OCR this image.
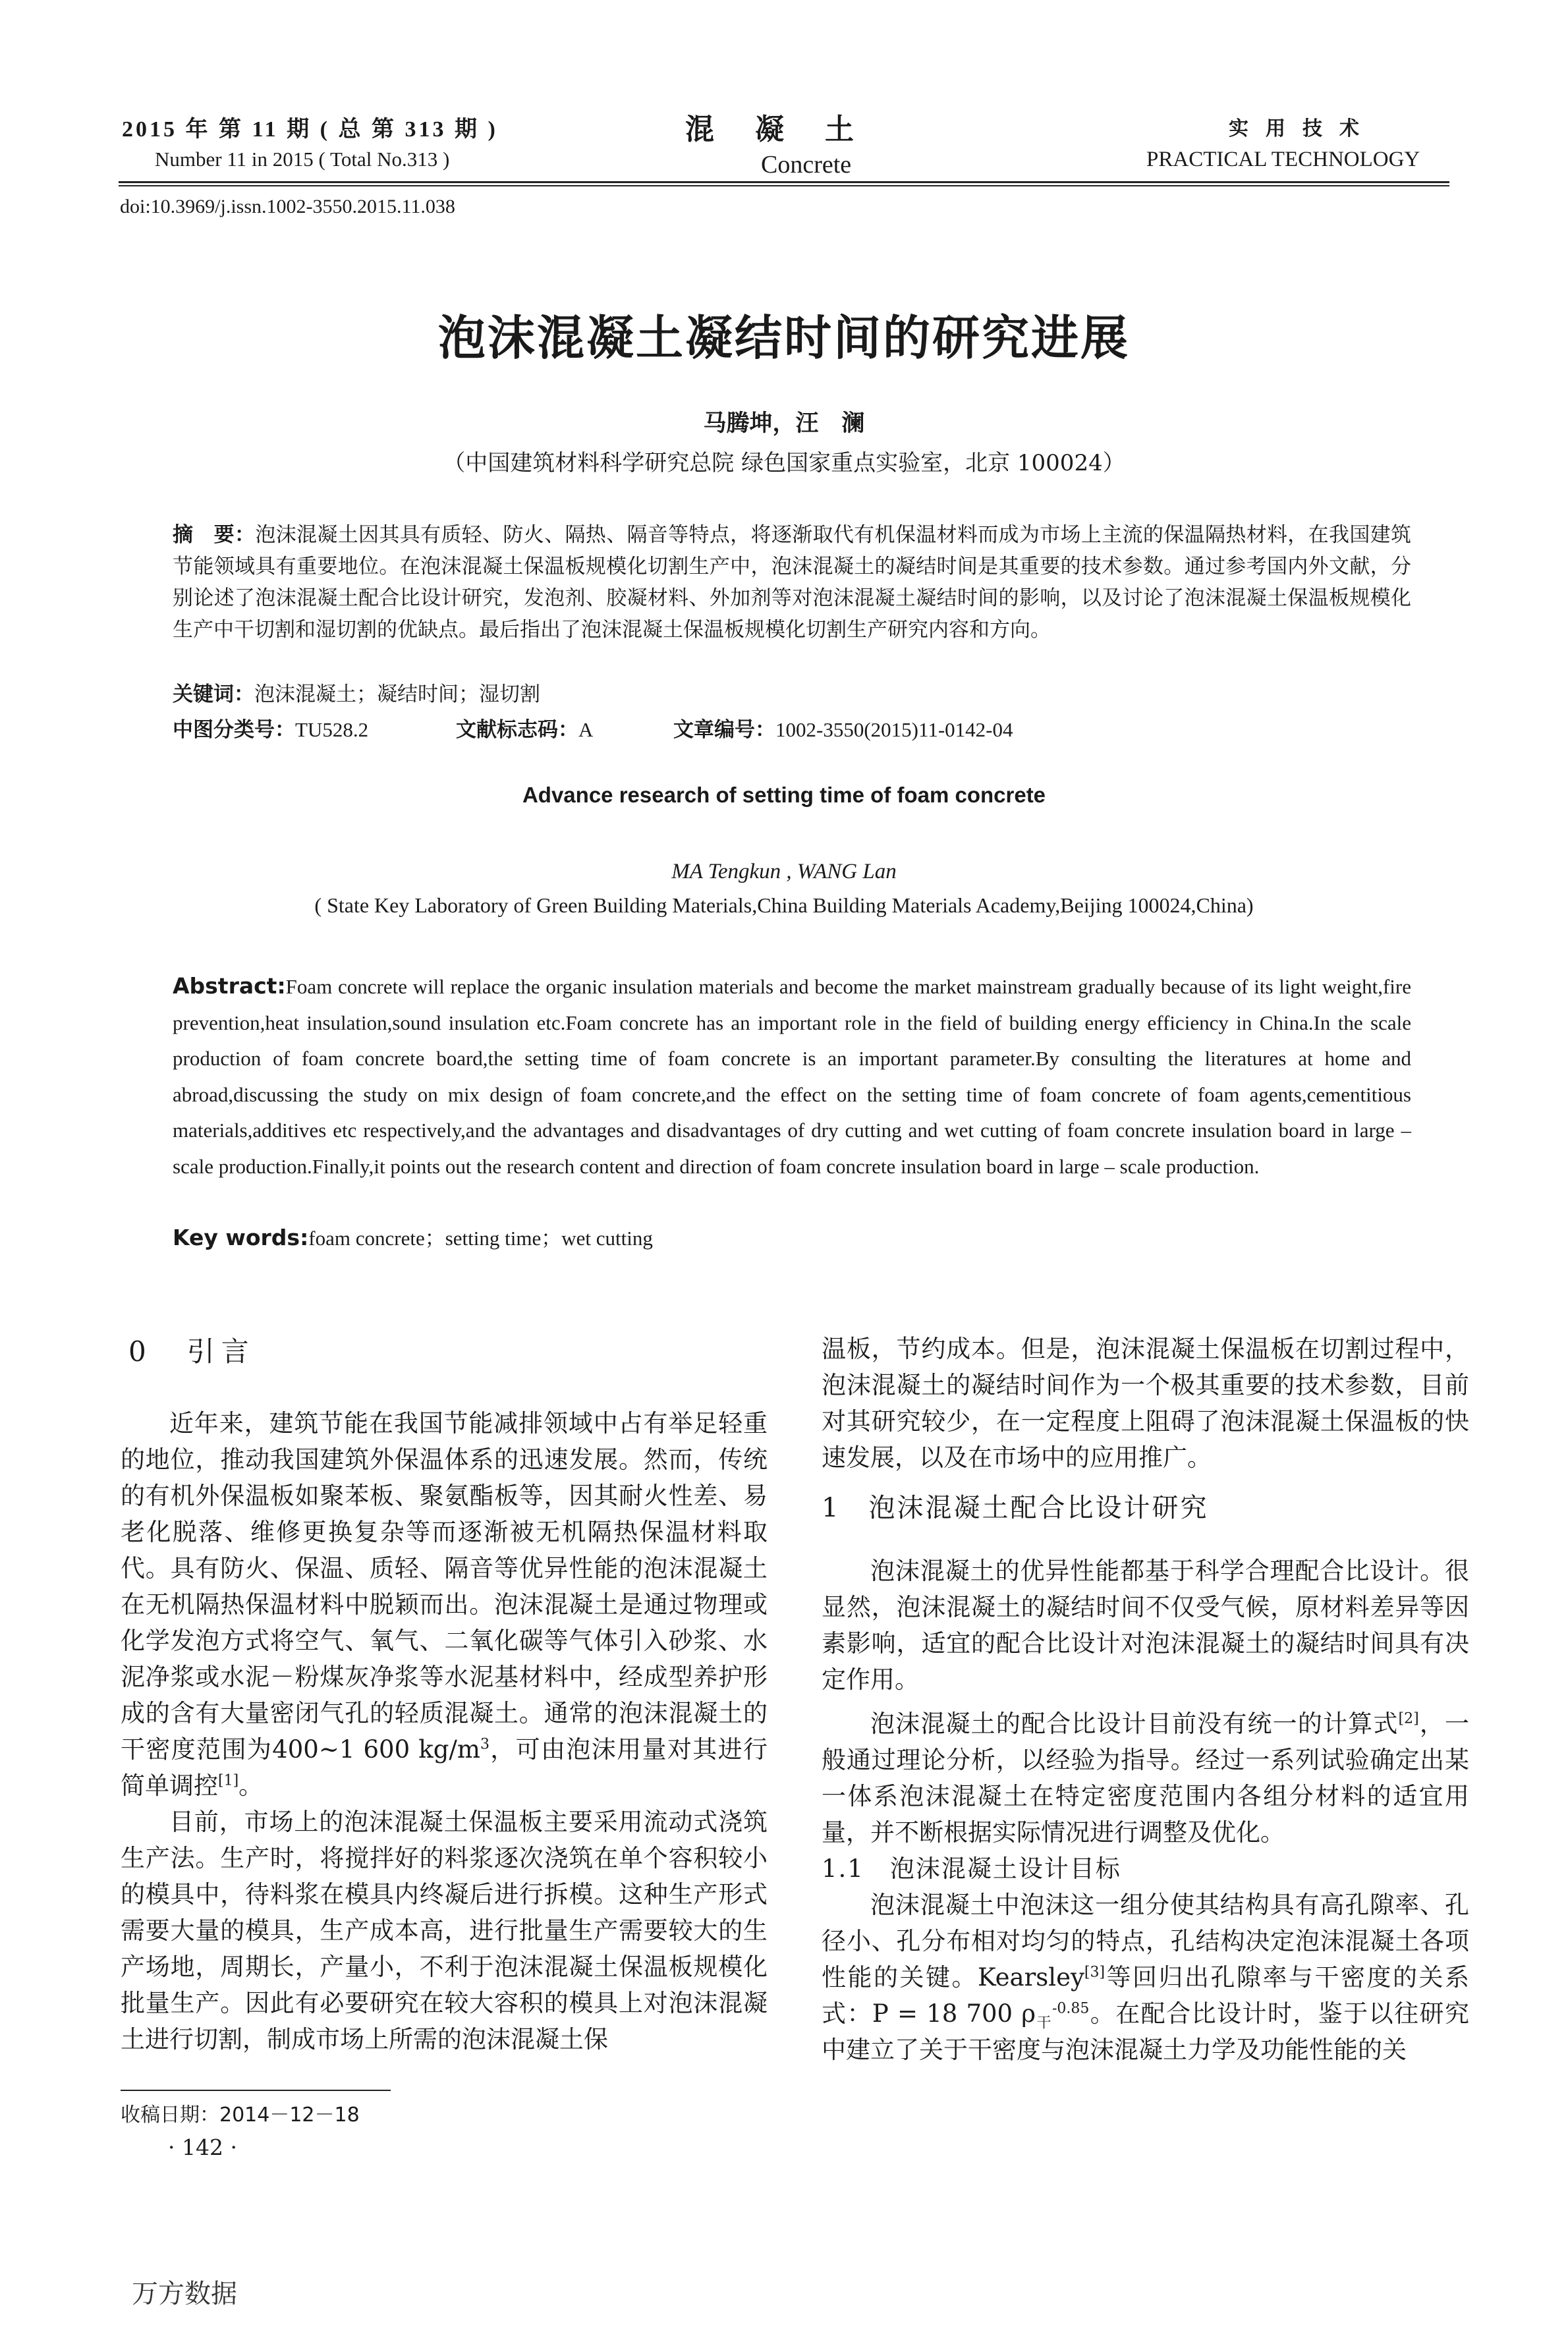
2015 年 第 11 期 ( 总 第 313 期 )
Number 11 in 2015 ( Total No.313 )
混凝土
Concrete
实用技术
PRACTICAL TECHNOLOGY
doi:10.3969/j.issn.1002-3550.2015.11.038
泡沫混凝土凝结时间的研究进展
马腾坤，汪　澜
（中国建筑材料科学研究总院 绿色国家重点实验室，北京 100024）
摘　要：泡沫混凝土因其具有质轻、防火、隔热、隔音等特点，将逐渐取代有机保温材料而成为市场上主流的保温隔热材料，在我国建筑节能领域具有重要地位。在泡沫混凝土保温板规模化切割生产中，泡沫混凝土的凝结时间是其重要的技术参数。通过参考国内外文献，分别论述了泡沫混凝土配合比设计研究，发泡剂、胶凝材料、外加剂等对泡沫混凝土凝结时间的影响，以及讨论了泡沫混凝土保温板规模化生产中干切割和湿切割的优缺点。最后指出了泡沫混凝土保温板规模化切割生产研究内容和方向。
关键词：泡沫混凝土；凝结时间；湿切割
中图分类号：TU528.2	文献标志码：A	文章编号：1002-3550(2015)11-0142-04
Advance research of setting time of foam concrete
MA Tengkun , WANG Lan
( State Key Laboratory of Green Building Materials,China Building Materials Academy,Beijing 100024,China)
Abstract:Foam concrete will replace the organic insulation materials and become the market mainstream gradually because of its light weight,fire prevention,heat insulation,sound insulation etc.Foam concrete has an important role in the field of building energy efficiency in China.In the scale production of foam concrete board,the setting time of foam concrete is an important parameter.By consulting the literatures at home and abroad,discussing the study on mix design of foam concrete,and the effect on the setting time of foam concrete of foam agents,cementitious materials,additives etc respectively,and the advantages and disadvantages of dry cutting and wet cutting of foam concrete insulation board in large – scale production.Finally,it points out the research content and direction of foam concrete insulation board in large – scale production.
Key words:foam concrete；setting time；wet cutting
0　引言

近年来，建筑节能在我国节能减排领域中占有举足轻重的地位，推动我国建筑外保温体系的迅速发展。然而，传统的有机外保温板如聚苯板、聚氨酯板等，因其耐火性差、易老化脱落、维修更换复杂等而逐渐被无机隔热保温材料取代。具有防火、保温、质轻、隔音等优异性能的泡沫混凝土在无机隔热保温材料中脱颖而出。泡沫混凝土是通过物理或化学发泡方式将空气、氧气、二氧化碳等气体引入砂浆、水泥净浆或水泥－粉煤灰净浆等水泥基材料中，经成型养护形成的含有大量密闭气孔的轻质混凝土。通常的泡沫混凝土的干密度范围为400~1 600 $kg/m^3$，可由泡沫用量对其进行简单调控[1]。

目前，市场上的泡沫混凝土保温板主要采用流动式浇筑生产法。生产时，将搅拌好的料浆逐次浇筑在单个容积较小的模具中，待料浆在模具内终凝后进行拆模。这种生产形式需要大量的模具，生产成本高，进行批量生产需要较大的生产场地，周期长，产量小，不利于泡沫混凝土保温板规模化批量生产。因此有必要研究在较大容积的模具上对泡沫混凝土进行切割，制成市场上所需的泡沫混凝土保

温板，节约成本。但是，泡沫混凝土保温板在切割过程中，泡沫混凝土的凝结时间作为一个极其重要的技术参数，目前对其研究较少，在一定程度上阻碍了泡沫混凝土保温板的快速发展，以及在市场中的应用推广。

1　泡沫混凝土配合比设计研究

泡沫混凝土的优异性能都基于科学合理配合比设计。很显然，泡沫混凝土的凝结时间不仅受气候，原材料差异等因素影响，适宜的配合比设计对泡沫混凝土的凝结时间具有决定作用。

泡沫混凝土的配合比设计目前没有统一的计算式[2]，一般通过理论分析，以经验为指导。经过一系列试验确定出某一体系泡沫混凝土在特定密度范围内各组分材料的适宜用量，并不断根据实际情况进行调整及优化。

1.1　泡沫混凝土设计目标

泡沫混凝土中泡沫这一组分使其结构具有高孔隙率、孔径小、孔分布相对均匀的特点，孔结构决定泡沫混凝土各项性能的关键。Kearsley[3]等回归出孔隙率与干密度的关系式：P = 18 700 $\rho_干^{-0.85}$。在配合比设计时，鉴于以往研究中建立了关于干密度与泡沫混凝土力学及功能性能的关

收稿日期：2014－12－18
· 142 ·
万方数据
